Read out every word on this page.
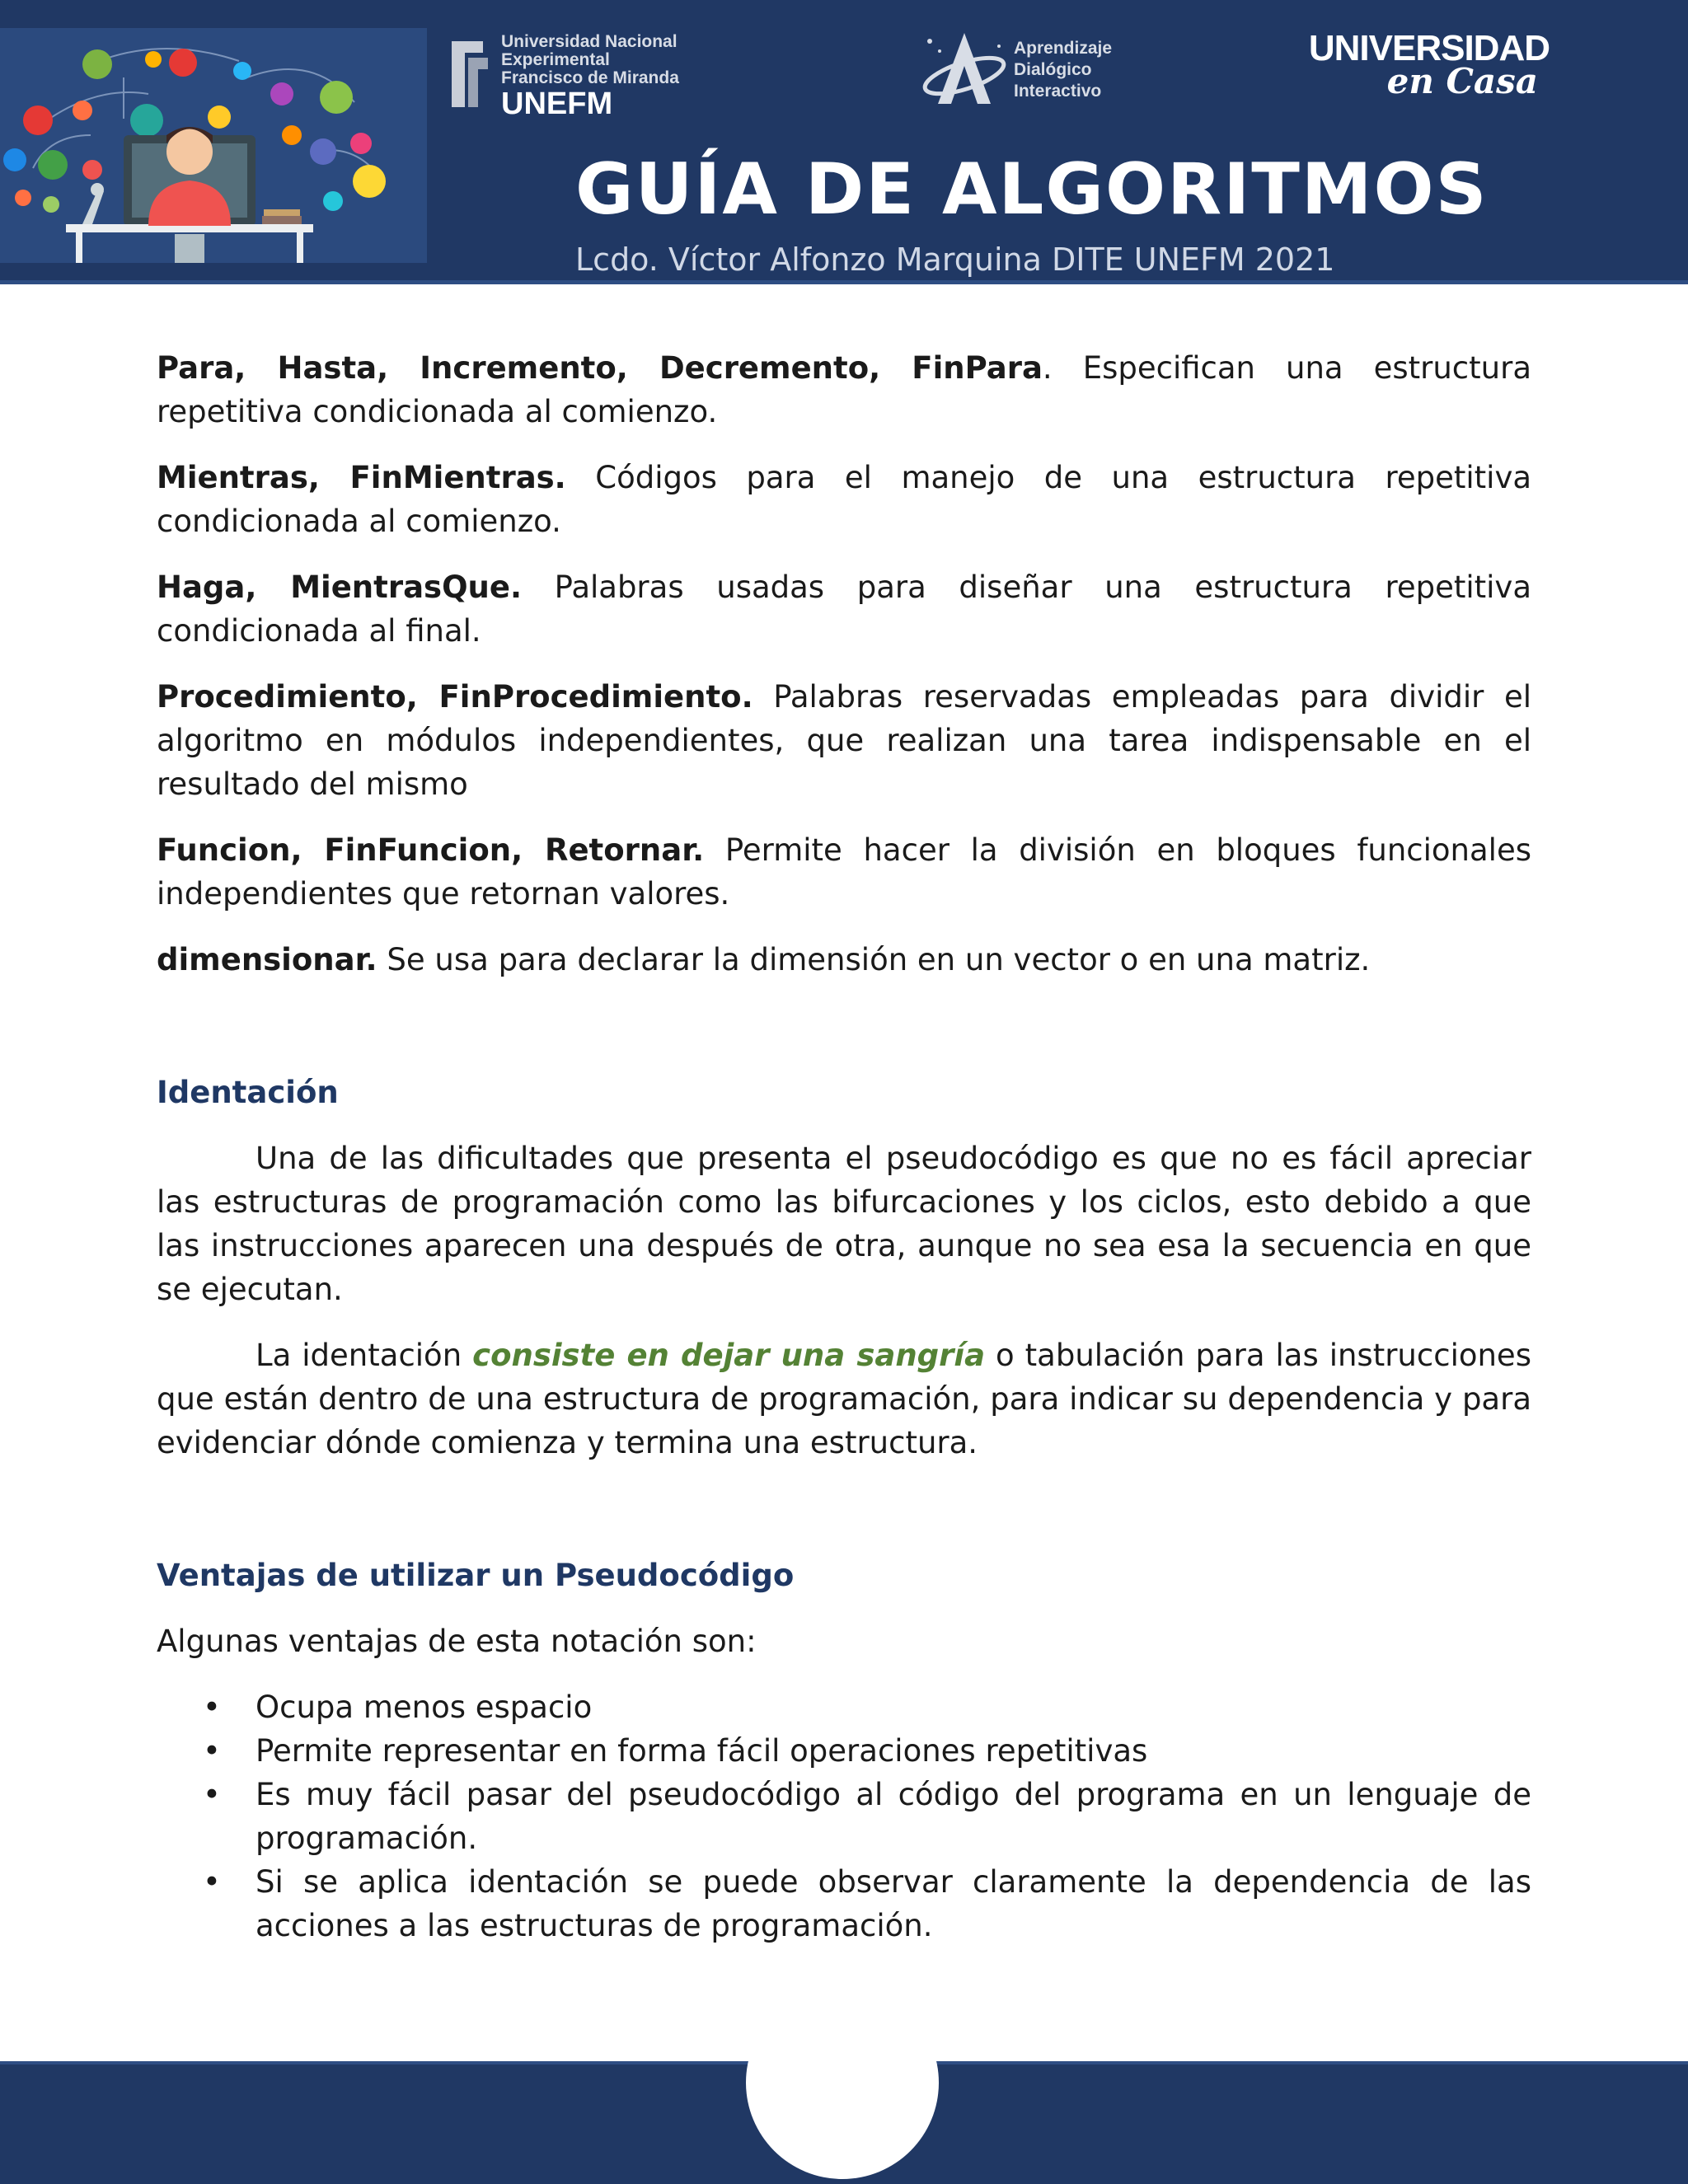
Universidad Nacional
Experimental
Francisco de Miranda
UNEFM
Aprendizaje
Dialógico
Interactivo
UNIVERSIDAD
en Casa
GUÍA DE ALGORITMOS
Lcdo. Víctor Alfonzo Marquina DITE UNEFM 2021

Para, Hasta, Incremento, Decremento, FinPara. Especifican una estructura repetitiva condicionada al comienzo.

Mientras, FinMientras. Códigos para el manejo de una estructura repetitiva condicionada al comienzo.

Haga, MientrasQue. Palabras usadas para diseñar una estructura repetitiva condicionada al final.

Procedimiento, FinProcedimiento. Palabras reservadas empleadas para dividir el algoritmo en módulos independientes, que realizan una tarea indispensable en el resultado del mismo

Funcion, FinFuncion, Retornar. Permite hacer la división en bloques funcionales independientes que retornan valores.

dimensionar. Se usa para declarar la dimensión en un vector o en una matriz.

Identación

Una de las dificultades que presenta el pseudocódigo es que no es fácil apreciar las estructuras de programación como las bifurcaciones y los ciclos, esto debido a que las instrucciones aparecen una después de otra, aunque no sea esa la secuencia en que se ejecutan.

La identación consiste en dejar una sangría o tabulación para las instrucciones que están dentro de una estructura de programación, para indicar su dependencia y para evidenciar dónde comienza y termina una estructura.

Ventajas de utilizar un Pseudocódigo

Algunas ventajas de esta notación son:

• Ocupa menos espacio
• Permite representar en forma fácil operaciones repetitivas
• Es muy fácil pasar del pseudocódigo al código del programa en un lenguaje de programación.
• Si se aplica identación se puede observar claramente la dependencia de las acciones a las estructuras de programación.
